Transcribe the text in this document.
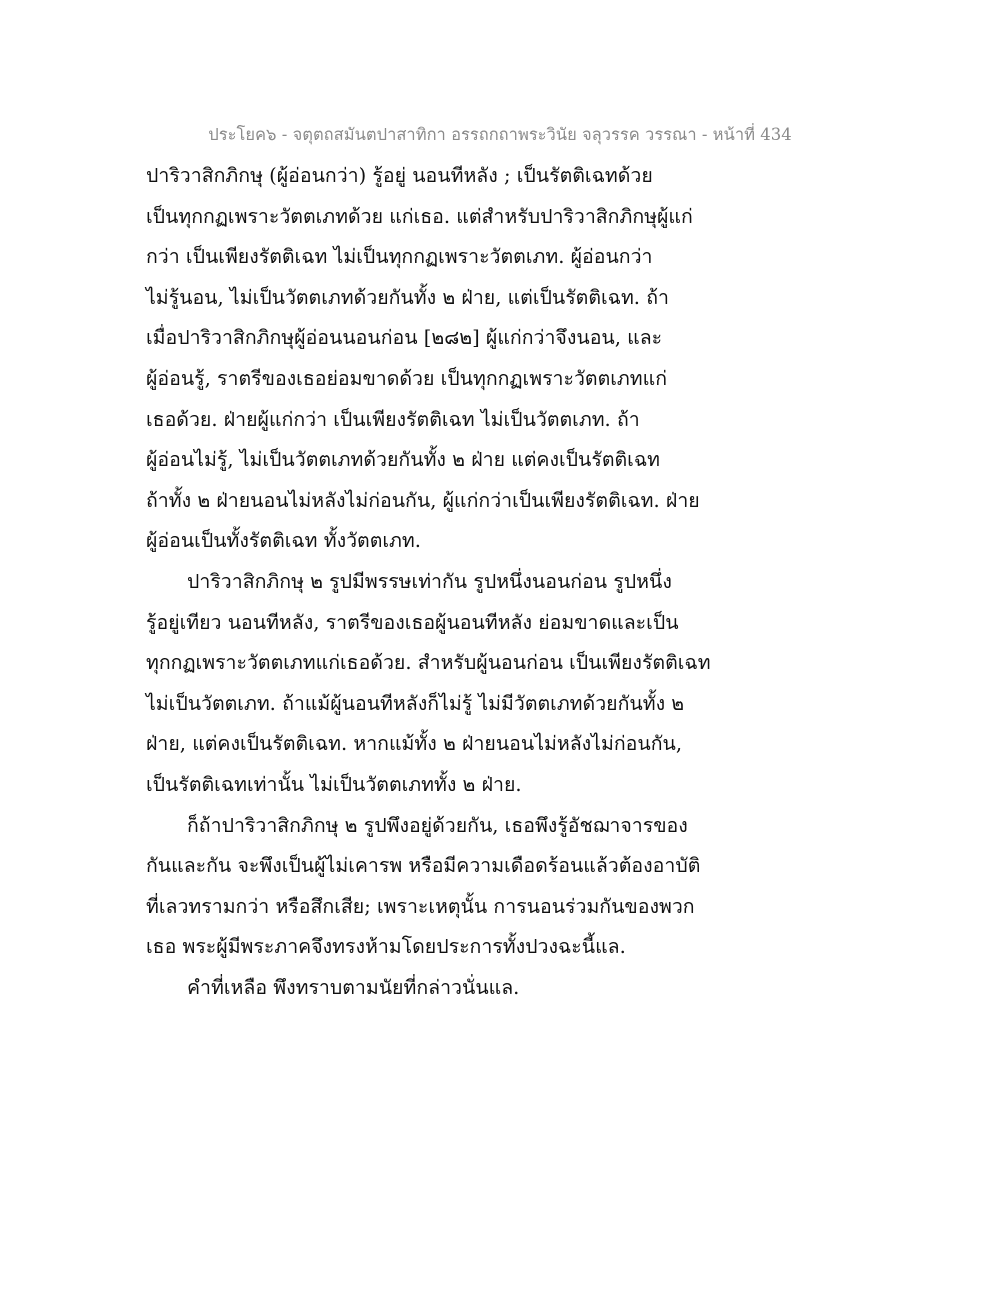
ประโยค๖ - จตุตถสมันตปาสาทิกา อรรถกถาพระวินัย จลุวรรค วรรณา - หน้าที่ 434
ปาริวาสิกภิกษุ (ผู้อ่อนกว่า) รู้อยู่ นอนทีหลัง ; เป็นรัตติเฉทด้วย
เป็นทุกกฏเพราะวัตตเภทด้วย แก่เธอ. แต่สำหรับปาริวาสิกภิกษุผู้แก่
กว่า เป็นเพียงรัตติเฉท ไม่เป็นทุกกฏเพราะวัตตเภท. ผู้อ่อนกว่า
ไม่รู้นอน, ไม่เป็นวัตตเภทด้วยกันทั้ง ๒ ฝ่าย, แต่เป็นรัตติเฉท. ถ้า
เมื่อปาริวาสิกภิกษุผู้อ่อนนอนก่อน [๒๘๒] ผู้แก่กว่าจึงนอน, และ
ผู้อ่อนรู้, ราตรีของเธอย่อมขาดด้วย เป็นทุกกฏเพราะวัตตเภทแก่
เธอด้วย. ฝ่ายผู้แก่กว่า เป็นเพียงรัตติเฉท ไม่เป็นวัตตเภท. ถ้า
ผู้อ่อนไม่รู้, ไม่เป็นวัตตเภทด้วยกันทั้ง ๒ ฝ่าย แต่คงเป็นรัตติเฉท
ถ้าทั้ง ๒ ฝ่ายนอนไม่หลังไม่ก่อนกัน, ผู้แก่กว่าเป็นเพียงรัตติเฉท. ฝ่าย
ผู้อ่อนเป็นทั้งรัตติเฉท ทั้งวัตตเภท.
ปาริวาสิกภิกษุ ๒ รูปมีพรรษเท่ากัน รูปหนึ่งนอนก่อน รูปหนึ่ง
รู้อยู่เทียว นอนทีหลัง, ราตรีของเธอผู้นอนทีหลัง ย่อมขาดและเป็น
ทุกกฏเพราะวัตตเภทแก่เธอด้วย. สำหรับผู้นอนก่อน เป็นเพียงรัตติเฉท
ไม่เป็นวัตตเภท. ถ้าแม้ผู้นอนทีหลังก็ไม่รู้ ไม่มีวัตตเภทด้วยกันทั้ง ๒
ฝ่าย, แต่คงเป็นรัตติเฉท. หากแม้ทั้ง ๒ ฝ่ายนอนไม่หลังไม่ก่อนกัน,
เป็นรัตติเฉทเท่านั้น ไม่เป็นวัตตเภททั้ง ๒ ฝ่าย.
ก็ถ้าปาริวาสิกภิกษุ ๒ รูปพึงอยู่ด้วยกัน, เธอพึงรู้อัชฌาจารของ
กันและกัน จะพึงเป็นผู้ไม่เคารพ หรือมีความเดือดร้อนแล้วต้องอาบัติ
ที่เลวทรามกว่า หรือสึกเสีย; เพราะเหตุนั้น การนอนร่วมกันของพวก
เธอ พระผู้มีพระภาคจึงทรงห้ามโดยประการทั้งปวงฉะนี้แล.
คำที่เหลือ พึงทราบตามนัยที่กล่าวนั่นแล.
